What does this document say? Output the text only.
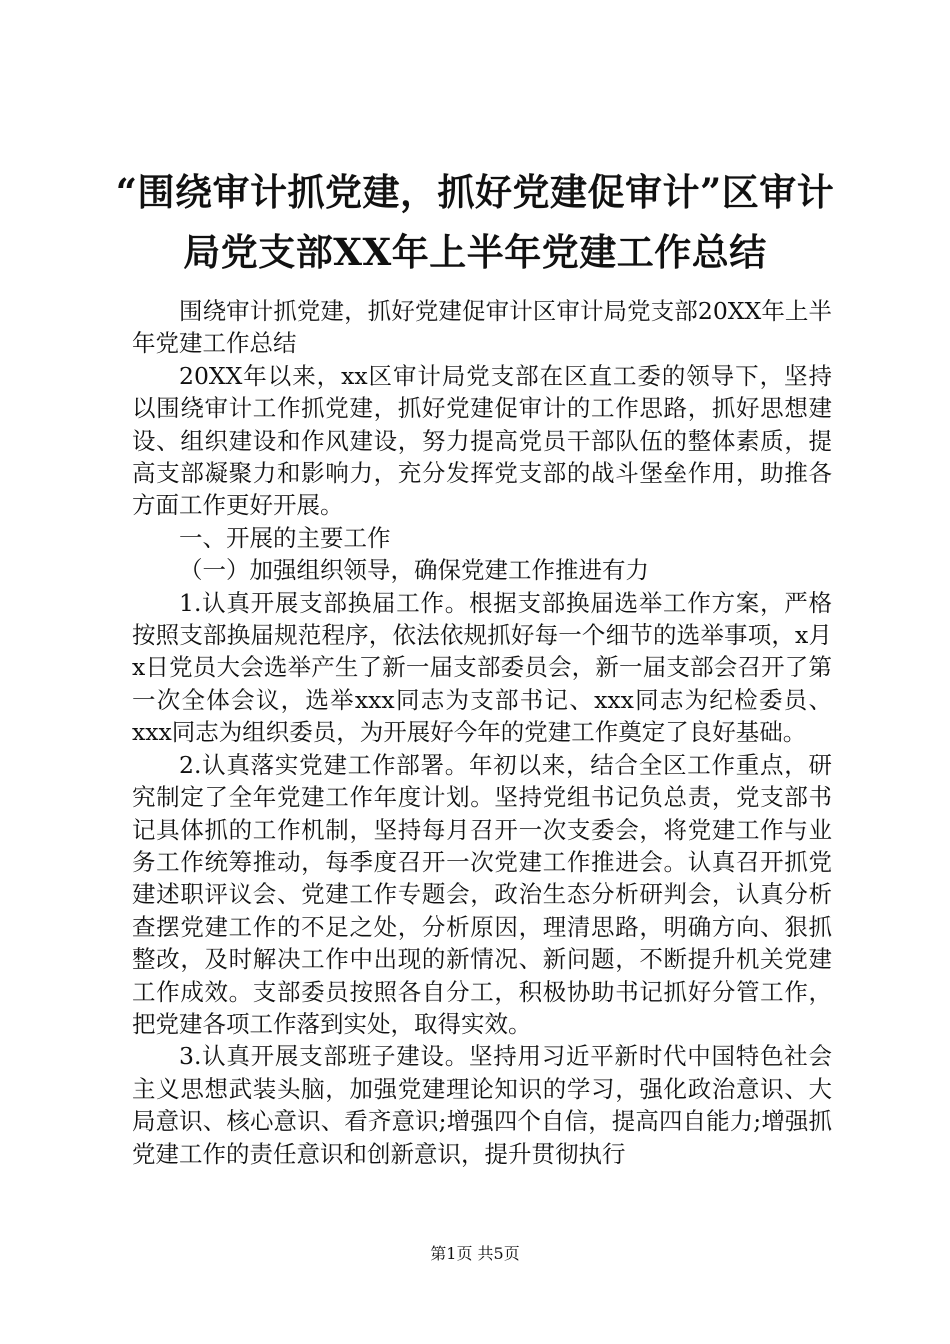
“围绕审计抓党建，抓好党建促审计”区审计
局党支部XX年上半年党建工作总结

围绕审计抓党建，抓好党建促审计区审计局党支部20XX年上半年党建工作总结

20XX年以来，xx区审计局党支部在区直工委的领导下，坚持以围绕审计工作抓党建，抓好党建促审计的工作思路，抓好思想建设、组织建设和作风建设，努力提高党员干部队伍的整体素质，提高支部凝聚力和影响力，充分发挥党支部的战斗堡垒作用，助推各方面工作更好开展。

一、开展的主要工作

（一）加强组织领导，确保党建工作推进有力

1.认真开展支部换届工作。根据支部换届选举工作方案，严格按照支部换届规范程序，依法依规抓好每一个细节的选举事项，x月x日党员大会选举产生了新一届支部委员会，新一届支部会召开了第一次全体会议，选举xxx同志为支部书记、xxx同志为纪检委员、xxx同志为组织委员，为开展好今年的党建工作奠定了良好基础。

2.认真落实党建工作部署。年初以来，结合全区工作重点，研究制定了全年党建工作年度计划。坚持党组书记负总责，党支部书记具体抓的工作机制，坚持每月召开一次支委会，将党建工作与业务工作统筹推动，每季度召开一次党建工作推进会。认真召开抓党建述职评议会、党建工作专题会，政治生态分析研判会，认真分析查摆党建工作的不足之处，分析原因，理清思路，明确方向、狠抓整改，及时解决工作中出现的新情况、新问题，不断提升机关党建工作成效。支部委员按照各自分工，积极协助书记抓好分管工作，把党建各项工作落到实处，取得实效。

3.认真开展支部班子建设。坚持用习近平新时代中国特色社会主义思想武装头脑，加强党建理论知识的学习，强化政治意识、大局意识、核心意识、看齐意识;增强四个自信，提高四自能力;增强抓党建工作的责任意识和创新意识，提升贯彻执行

第1页 共5页
